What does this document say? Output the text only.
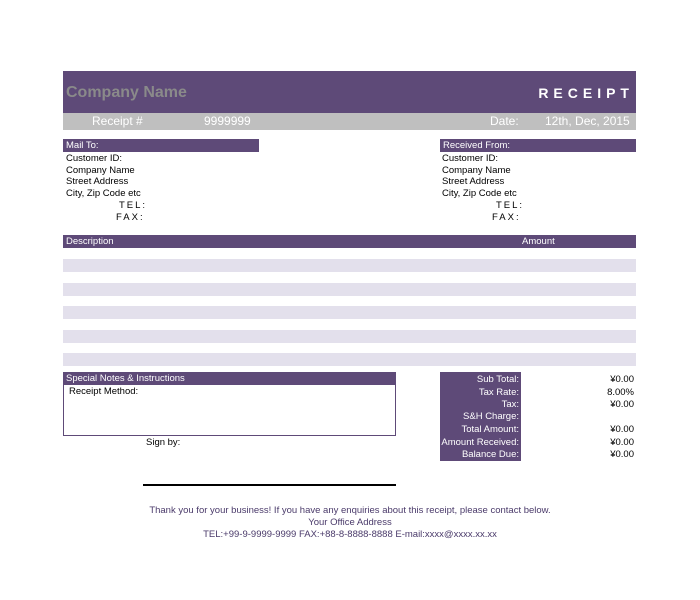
Company Name	RECEIPT
Receipt #	9999999	Date: 12th, Dec, 2015
Mail To:
Customer ID:
Company Name
Street Address
City, Zip Code etc
TEL:
FAX:
Received From:
Customer ID:
Company Name
Street Address
City, Zip Code etc
TEL:
FAX:
Description	Amount
Special Notes & Instructions
Receipt Method:
Sign by:
Sub Total:	¥0.00
Tax Rate:	8.00%
Tax:	¥0.00
S&H Charge:
Total Amount:	¥0.00
Amount Received:	¥0.00
Balance Due:	¥0.00
Thank you for your business! If you have any enquiries about this receipt, please contact below.
Your Office Address
TEL:+99-9-9999-9999 FAX:+88-8-8888-8888 E-mail:xxxx@xxxx.xx.xx
